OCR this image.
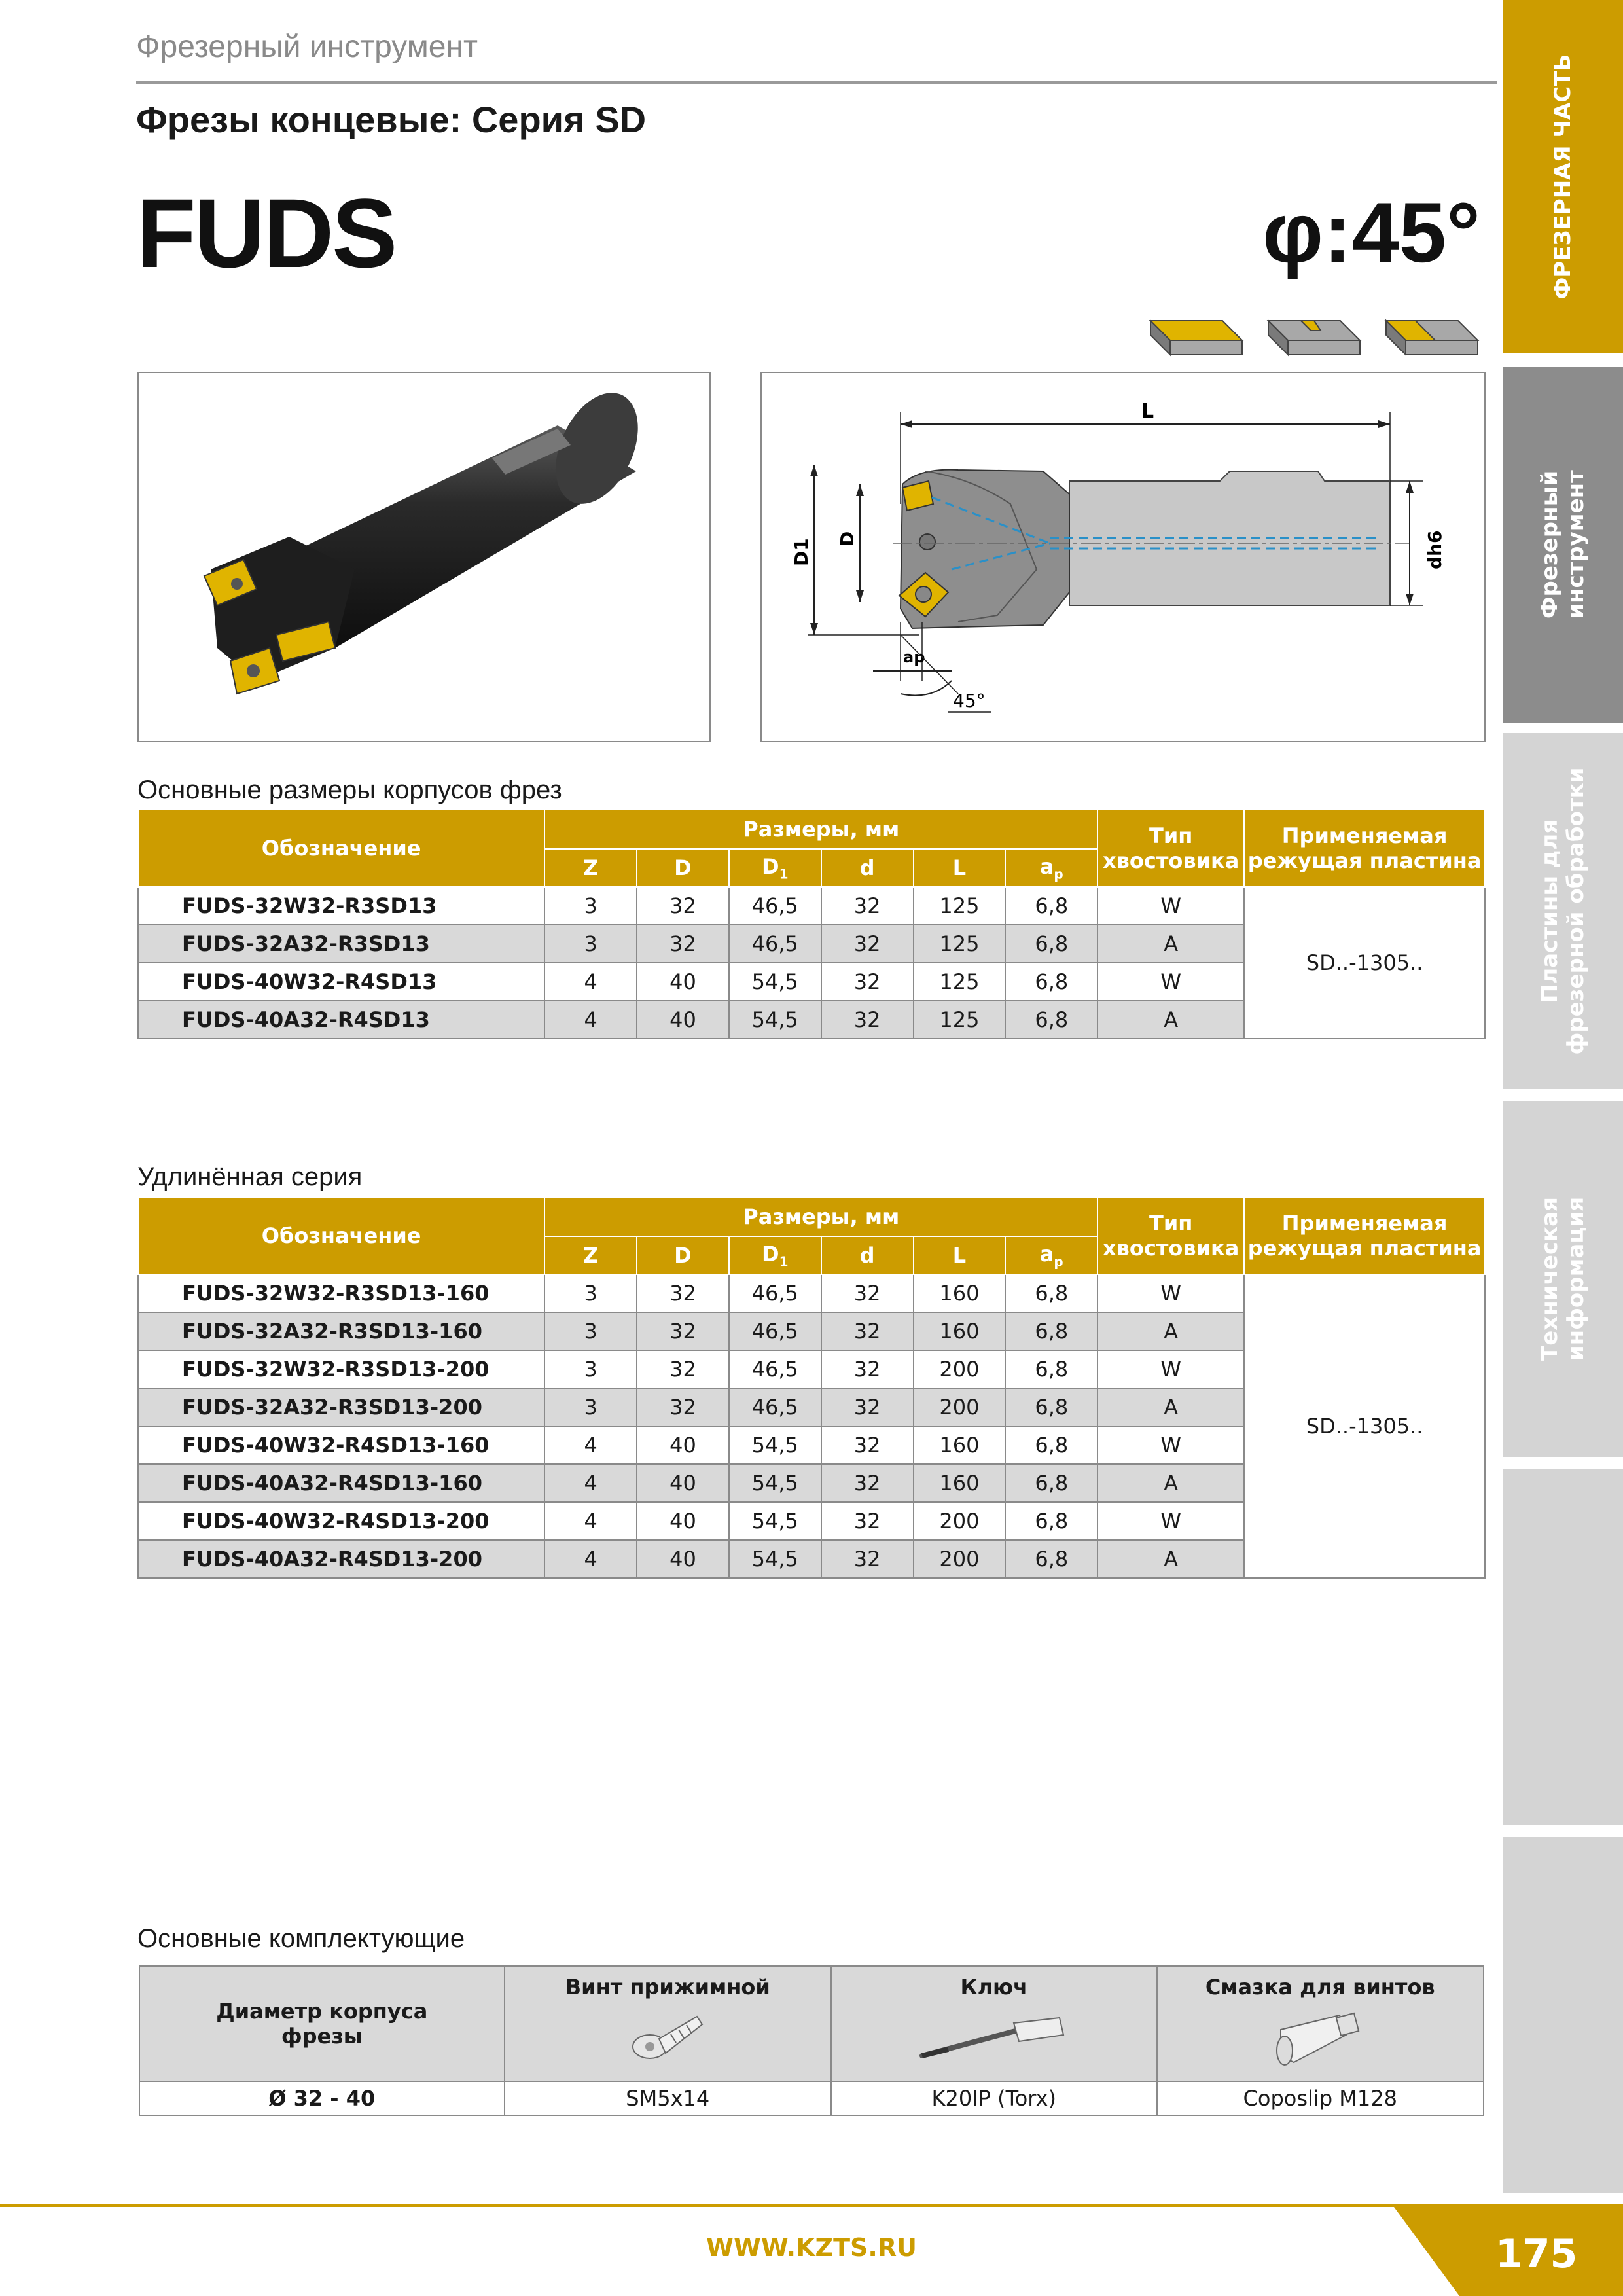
Фрезерный инструмент
Фрезы концевые: Серия SD
FUDS	φ:45°
L
dh6
D1 D
ap
45°
Основные размеры корпусов фрез
Обозначение	Размеры, мм						Тип хвостовика	Применяемая режущая пластина
	Z	D	$D_1$	d	L	$a_p$
FUDS-32W32-R3SD13	3	32	46,5	32	125	6,8	W	SD..-1305..
FUDS-32A32-R3SD13	3	32	46,5	32	125	6,8	A	
FUDS-40W32-R4SD13	4	40	54,5	32	125	6,8	W	
FUDS-40A32-R4SD13	4	40	54,5	32	125	6,8	A	
Удлинённая серия
Обозначение	Размеры, мм						Тип хвостовика	Применяемая режущая пластина
	Z	D	$D_1$	d	L	$a_p$
FUDS-32W32-R3SD13-160	3	32	46,5	32	160	6,8	W	SD..-1305..
FUDS-32A32-R3SD13-160	3	32	46,5	32	160	6,8	A	
FUDS-32W32-R3SD13-200	3	32	46,5	32	200	6,8	W	
FUDS-32A32-R3SD13-200	3	32	46,5	32	200	6,8	A	
FUDS-40W32-R4SD13-160	4	40	54,5	32	160	6,8	W	
FUDS-40A32-R4SD13-160	4	40	54,5	32	160	6,8	A	
FUDS-40W32-R4SD13-200	4	40	54,5	32	200	6,8	W	
FUDS-40A32-R4SD13-200	4	40	54,5	32	200	6,8	A	
Основные комплектующие
Диаметр корпуса фрезы	Винт прижимной	Ключ	Смазка для винтов

Ø 32 - 40	SM5x14	K20IP (Torx)	Coposlip M128
ФРЕЗЕРНАЯ ЧАСТЬ
Фрезерный инструмент
Пластины для фрезерной обработки
Техническая информация
WWW.KZTS.RU	175
